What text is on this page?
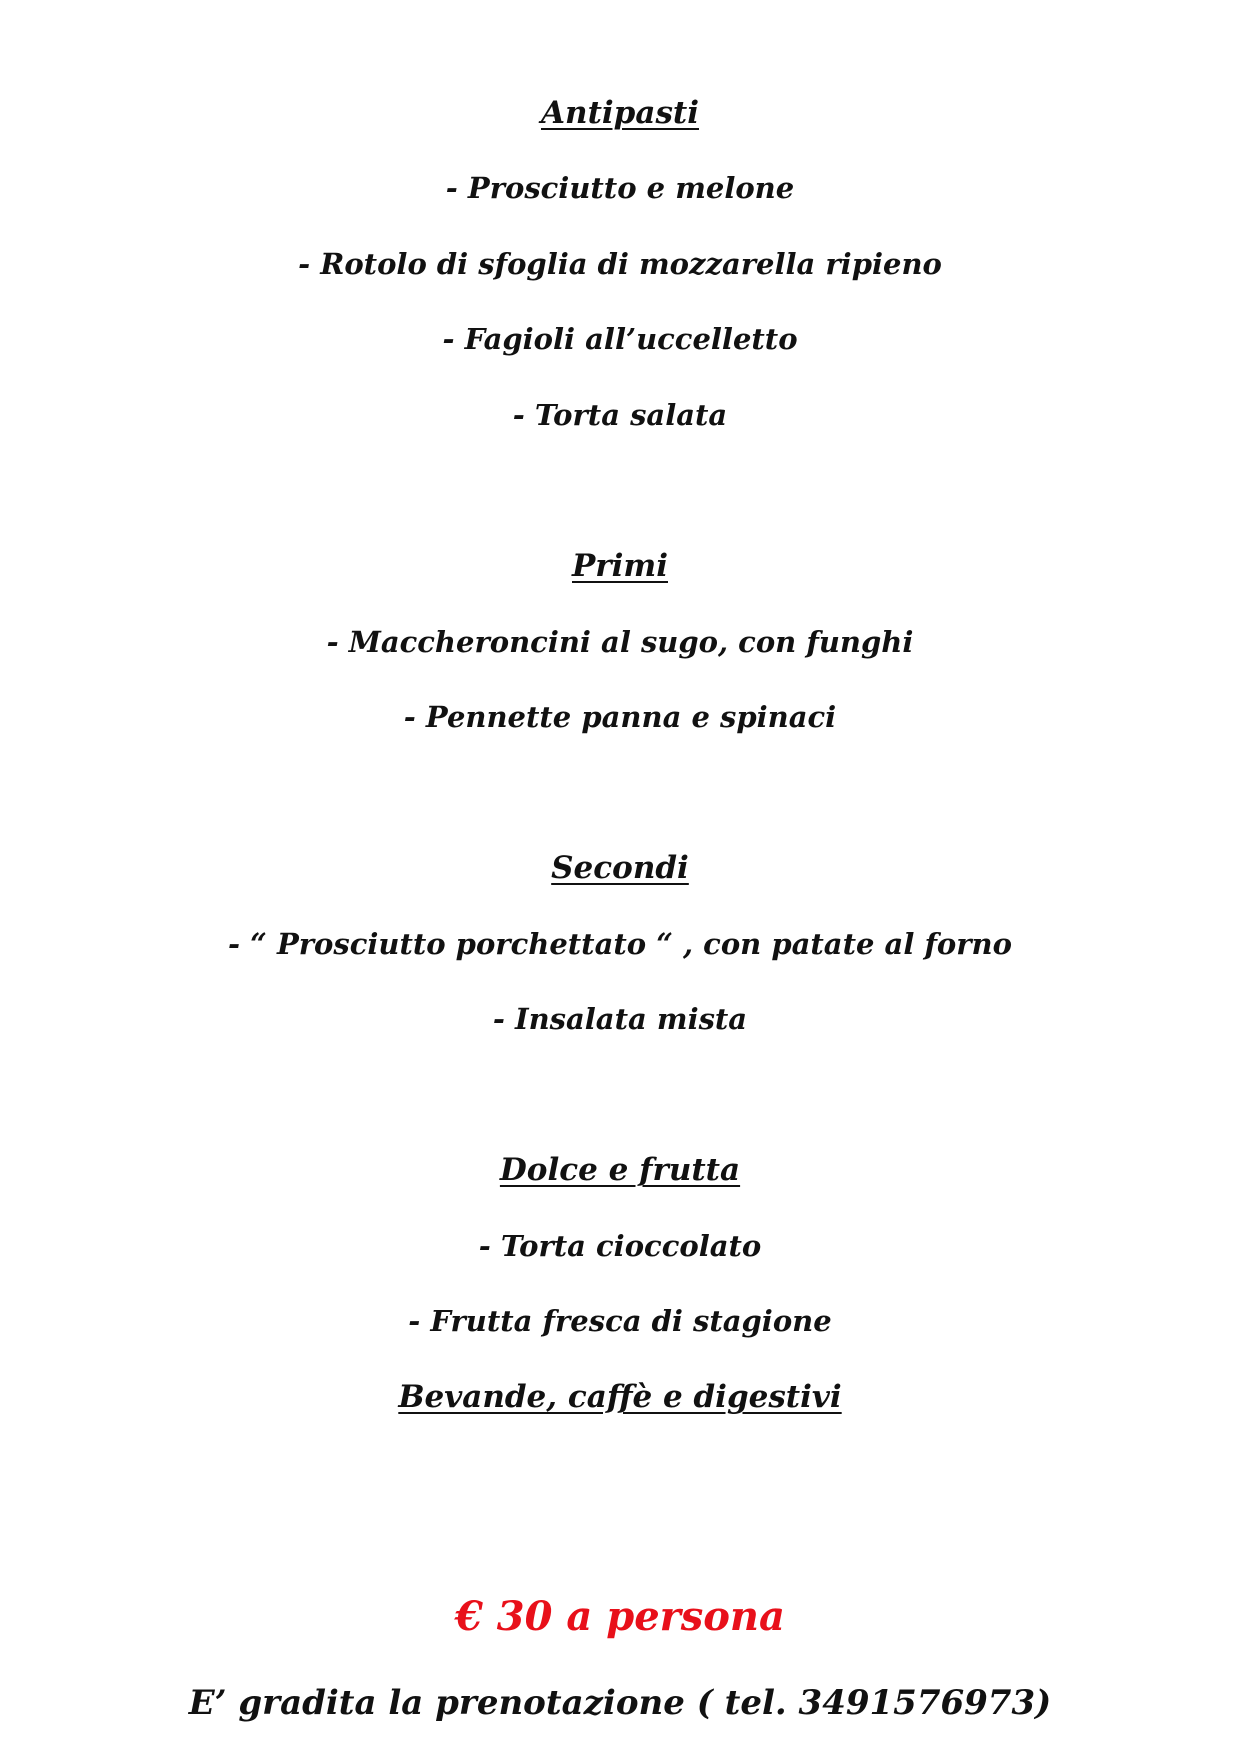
Antipasti
- Prosciutto e melone
- Rotolo di sfoglia di mozzarella ripieno
- Fagioli all’uccelletto
- Torta salata
Primi
- Maccheroncini al sugo, con funghi
- Pennette panna e spinaci
Secondi
- “ Prosciutto porchettato “ , con patate al forno
- Insalata mista
Dolce e frutta
- Torta cioccolato
- Frutta fresca di stagione
Bevande, caffè e digestivi
€ 30 a persona
E’ gradita la prenotazione ( tel. 3491576973)
